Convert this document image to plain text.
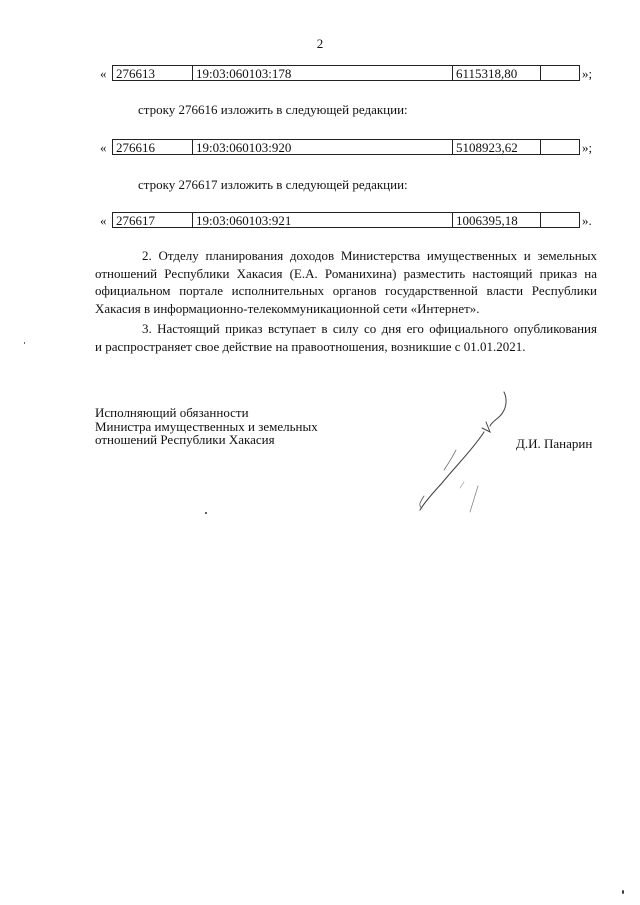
2
« 276613	19:03:060103:178	6115318,80	»;
строку 276616 изложить в следующей редакции:
« 276616	19:03:060103:920	5108923,62	»;
строку 276617 изложить в следующей редакции:
« 276617	19:03:060103:921	1006395,18	».
2. Отделу планирования доходов Министерства имущественных и земельных
отношений Республики Хакасия (Е.А. Романихина) разместить настоящий приказ на
официальном портале исполнительных органов государственной власти Республики
Хакасия в информационно-телекоммуникационной сети «Интернет».
3. Настоящий приказ вступает в силу со дня его официального опубликования
и распространяет свое действие на правоотношения, возникшие с 01.01.2021.
Исполняющий обязанности
Министра имущественных и земельных
отношений Республики Хакасия	Д.И. Панарин
